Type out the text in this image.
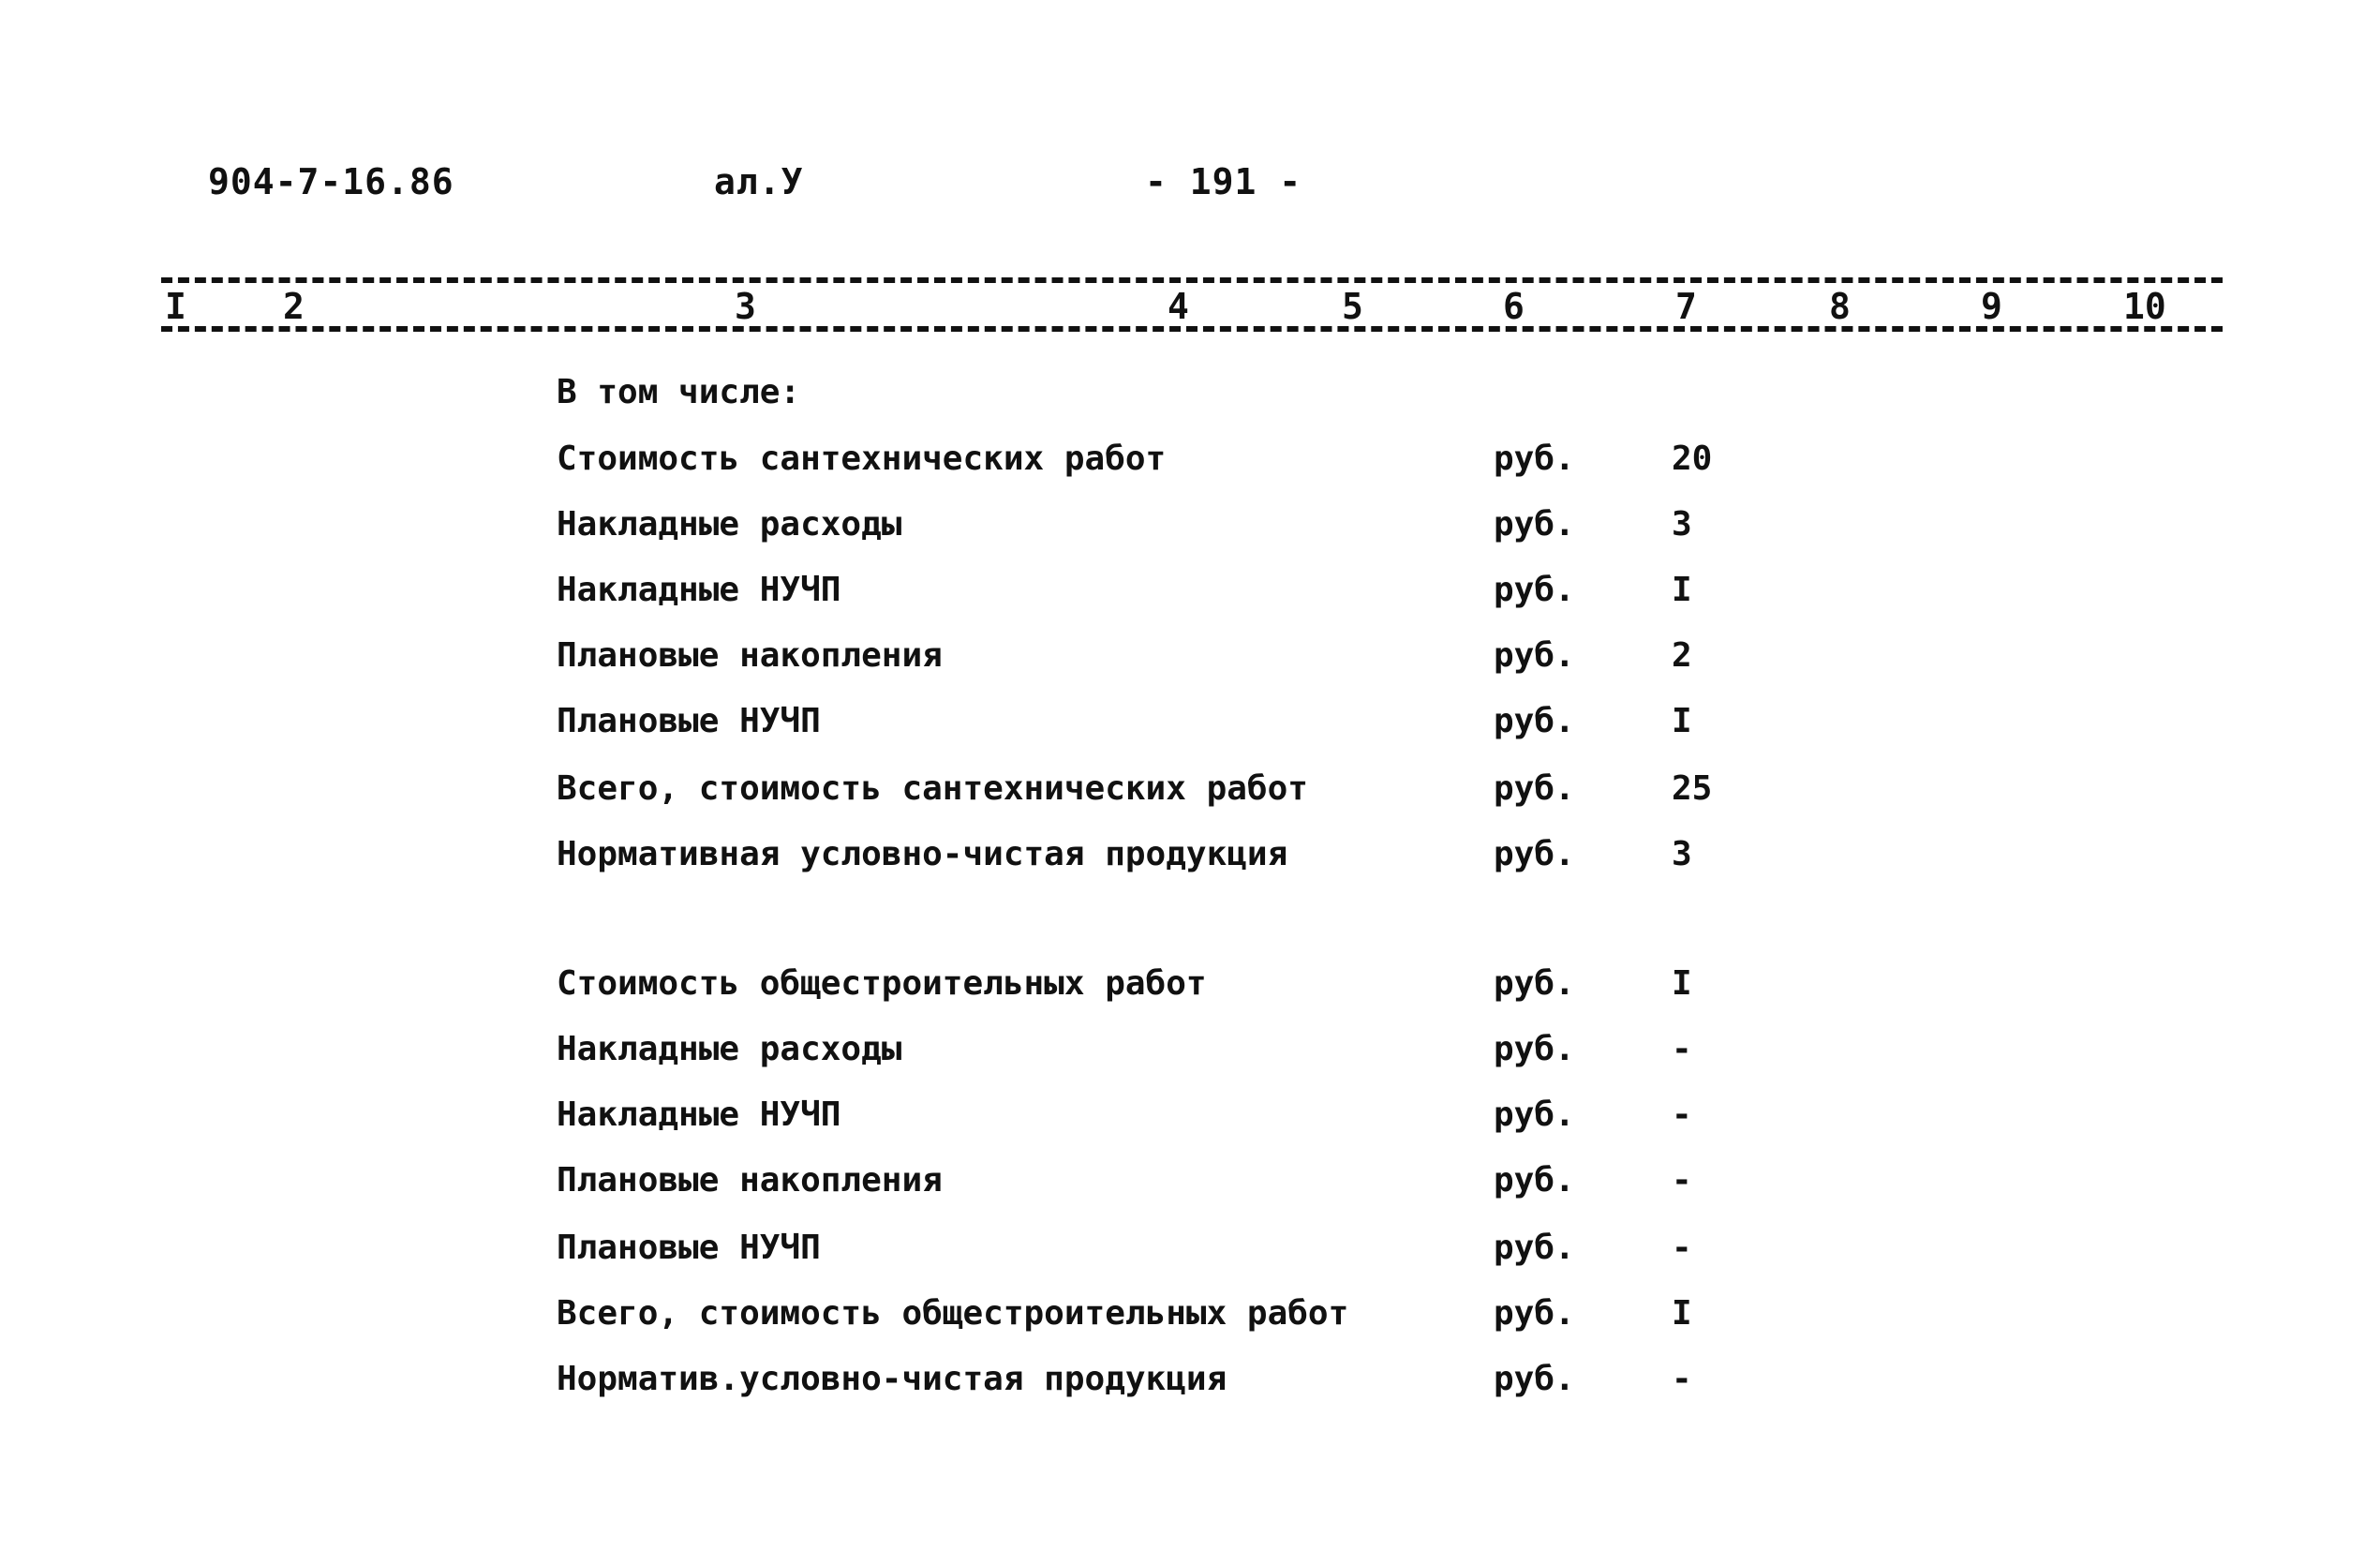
904-7-16.86	ал.У	- 191 -
I	2	3	4	5	6	7	8	9	10
В том числе:
Стоимость сантехнических работ	руб.	20
Накладные расходы	руб.	3
Накладные НУЧП	руб.	I
Плановые накопления	руб.	2
Плановые НУЧП	руб.	I
Всего, стоимость сантехнических работ	руб.	25
Нормативная условно-чистая продукция	руб.	3
Стоимость общестроительных работ	руб.	I
Накладные расходы	руб.	-
Накладные НУЧП	руб.	-
Плановые накопления	руб.	-
Плановые НУЧП	руб.	-
Всего, стоимость общестроительных работ	руб.	I
Норматив.условно-чистая продукция	руб.	-
